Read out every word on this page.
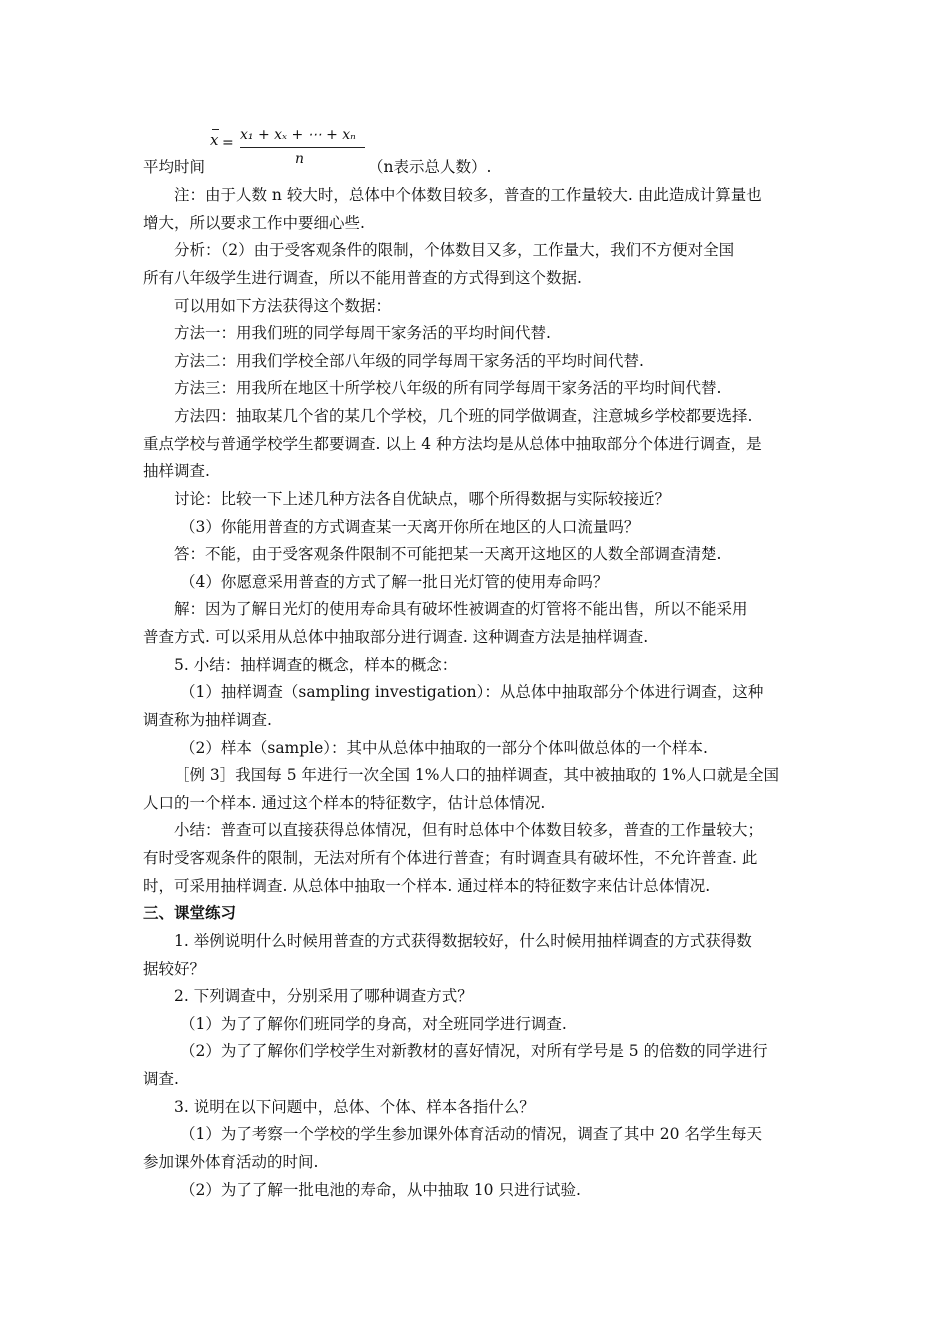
x = x₁ + xₓ + ⋯ + xₙ
n
平均时间	（n表示总人数）.
注：由于人数 n 较大时，总体中个体数目较多，普查的工作量较大. 由此造成计算量也
增大，所以要求工作中要细心些.
分析：（2）由于受客观条件的限制，个体数目又多，工作量大，我们不方便对全国
所有八年级学生进行调查，所以不能用普查的方式得到这个数据.
可以用如下方法获得这个数据：
方法一：用我们班的同学每周干家务活的平均时间代替.
方法二：用我们学校全部八年级的同学每周干家务活的平均时间代替.
方法三：用我所在地区十所学校八年级的所有同学每周干家务活的平均时间代替.
方法四：抽取某几个省的某几个学校，几个班的同学做调查，注意城乡学校都要选择.
重点学校与普通学校学生都要调查. 以上 4 种方法均是从总体中抽取部分个体进行调查，是
抽样调查.
讨论：比较一下上述几种方法各自优缺点，哪个所得数据与实际较接近？
（3）你能用普查的方式调查某一天离开你所在地区的人口流量吗？
答：不能，由于受客观条件限制不可能把某一天离开这地区的人数全部调查清楚.
（4）你愿意采用普查的方式了解一批日光灯管的使用寿命吗？
解：因为了解日光灯的使用寿命具有破坏性被调查的灯管将不能出售，所以不能采用
普查方式. 可以采用从总体中抽取部分进行调查. 这种调查方法是抽样调查.
5. 小结：抽样调查的概念，样本的概念：
（1）抽样调查（sampling investigation）：从总体中抽取部分个体进行调查，这种
调查称为抽样调查.
（2）样本（sample）：其中从总体中抽取的一部分个体叫做总体的一个样本.
［例 3］我国每 5 年进行一次全国 1%人口的抽样调查，其中被抽取的 1%人口就是全国
人口的一个样本. 通过这个样本的特征数字，估计总体情况.
小结：普查可以直接获得总体情况，但有时总体中个体数目较多，普查的工作量较大；
有时受客观条件的限制，无法对所有个体进行普查；有时调查具有破坏性，不允许普查. 此
时，可采用抽样调查. 从总体中抽取一个样本. 通过样本的特征数字来估计总体情况.
三、课堂练习
1. 举例说明什么时候用普查的方式获得数据较好，什么时候用抽样调查的方式获得数
据较好？
2. 下列调查中，分别采用了哪种调查方式？
（1）为了了解你们班同学的身高，对全班同学进行调查.
（2）为了了解你们学校学生对新教材的喜好情况，对所有学号是 5 的倍数的同学进行
调查.
3. 说明在以下问题中，总体、个体、样本各指什么？
（1）为了考察一个学校的学生参加课外体育活动的情况，调查了其中 20 名学生每天
参加课外体育活动的时间.
（2）为了了解一批电池的寿命，从中抽取 10 只进行试验.
